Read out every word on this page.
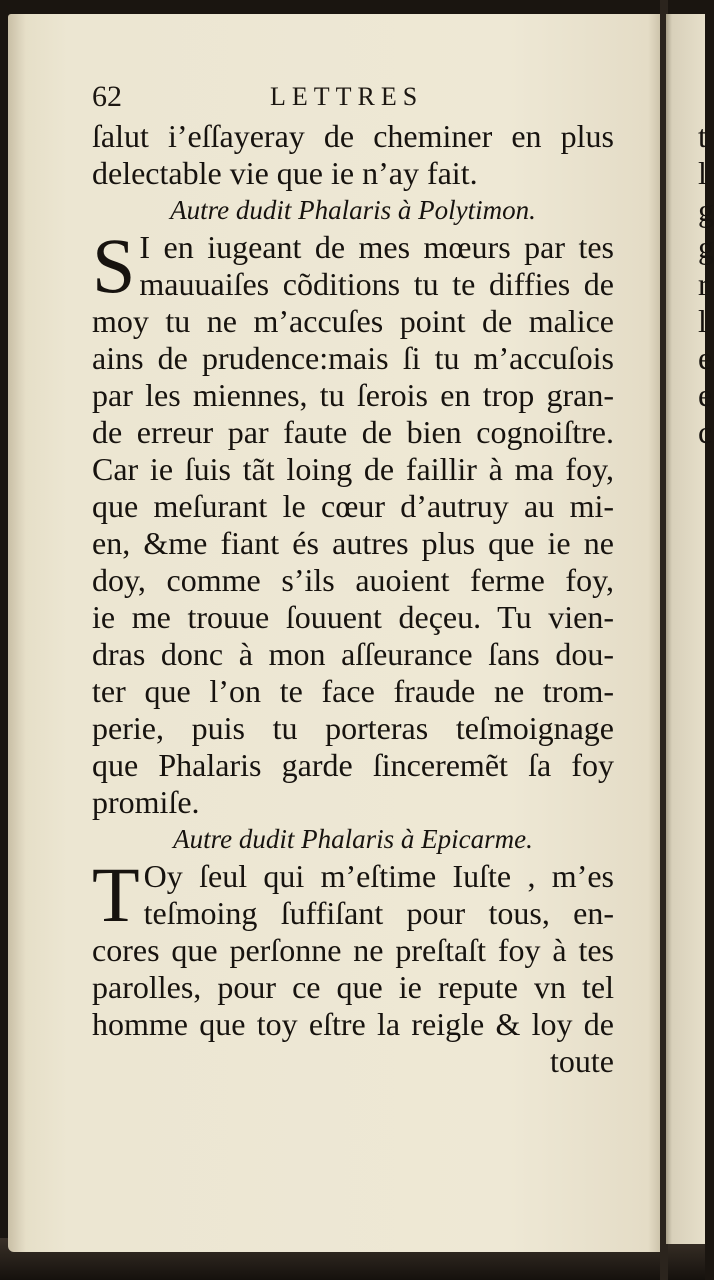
62	LETTRES
ſalut i’eſſayeray de cheminer en plus
delectable vie que ie n’ay fait.
Autre dudit Phalaris à Polytimon.
S I en iugeant de mes mœurs par tes
mauuaiſes cõditions tu te diffies de
moy tu ne m’accuſes point de malice
ains de prudence:mais ſi tu m’accuſois
par les miennes, tu ſerois en trop gran-
de erreur par faute de bien cognoiſtre.
Car ie ſuis tãt loing de faillir à ma foy,
que meſurant le cœur d’autruy au mi-
en, &me fiant és autres plus que ie ne
doy, comme s’ils auoient ferme foy,
ie me trouue ſouuent deçeu. Tu vien-
dras donc à mon aſſeurance ſans dou-
ter que l’on te face fraude ne trom-
perie, puis tu porteras teſmoignage
que Phalaris garde ſinceremẽt ſa foy
promiſe.
Autre dudit Phalaris à Epicarme.
T Oy ſeul qui m’eſtime Iuſte , m’es
teſmoing ſuffiſant pour tous, en-
cores que perſonne ne preſtaſt foy à tes
parolles, pour ce que ie repute vn tel
homme que toy eſtre la reigle & loy de
toute
t
l
g
g
r
l
e
e
c
